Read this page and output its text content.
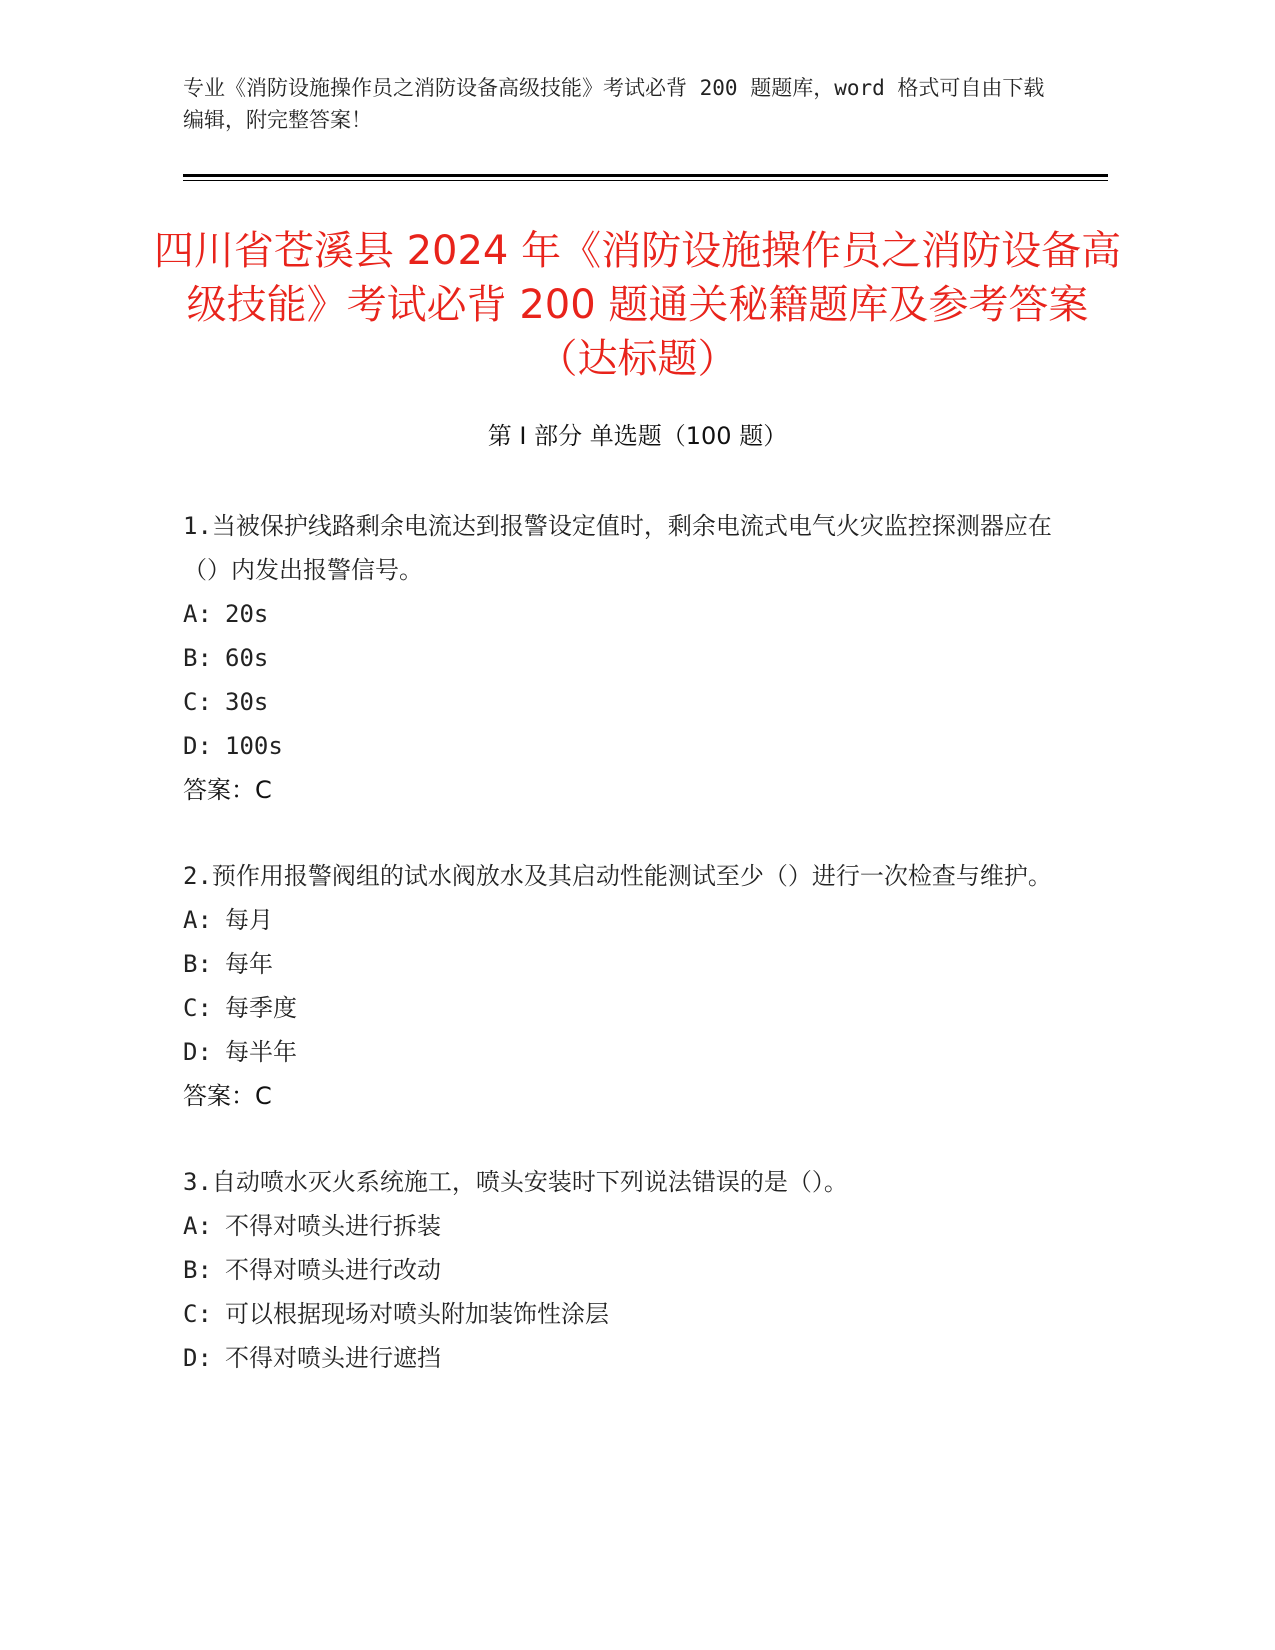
专业《消防设施操作员之消防设备高级技能》考试必背 200 题题库，word 格式可自由下载编辑，附完整答案！
四川省苍溪县 2024 年《消防设施操作员之消防设备高级技能》考试必背 200 题通关秘籍题库及参考答案（达标题）
第 I 部分 单选题（100 题）
1.当被保护线路剩余电流达到报警设定值时，剩余电流式电气火灾监控探测器应在（）内发出报警信号。
A: 20s
B: 60s
C: 30s
D: 100s
答案：C
2.预作用报警阀组的试水阀放水及其启动性能测试至少（）进行一次检查与维护。
A: 每月
B: 每年
C: 每季度
D: 每半年
答案：C
3.自动喷水灭火系统施工，喷头安装时下列说法错误的是（）。
A: 不得对喷头进行拆装
B: 不得对喷头进行改动
C: 可以根据现场对喷头附加装饰性涂层
D: 不得对喷头进行遮挡
